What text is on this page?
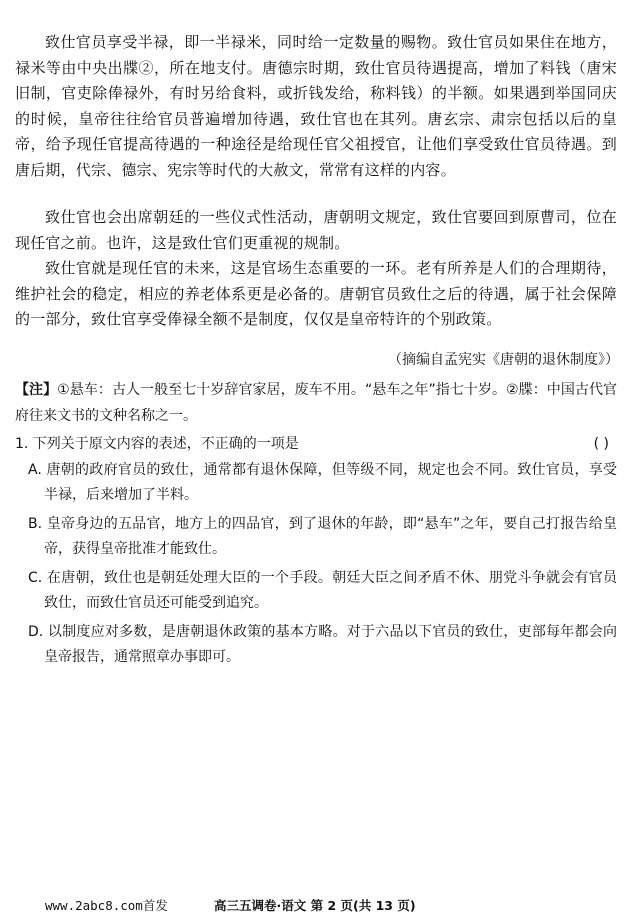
致仕官员享受半禄，即一半禄米，同时给一定数量的赐物。致仕官员如果住在地方，禄米等由中央出牒②，所在地支付。唐德宗时期，致仕官员待遇提高，增加了料钱（唐宋旧制，官吏除俸禄外，有时另给食料，或折钱发给，称料钱）的半额。如果遇到举国同庆的时候，皇帝往往给官员普遍增加待遇，致仕官也在其列。唐玄宗、肃宗包括以后的皇帝，给予现任官提高待遇的一种途径是给现任官父祖授官，让他们享受致仕官员待遇。到唐后期，代宗、德宗、宪宗等时代的大赦文，常常有这样的内容。

致仕官也会出席朝廷的一些仪式性活动，唐朝明文规定，致仕官要回到原曹司，位在现任官之前。也许，这是致仕官们更重视的规制。

致仕官就是现任官的未来，这是官场生态重要的一环。老有所养是人们的合理期待，维护社会的稳定，相应的养老体系更是必备的。唐朝官员致仕之后的待遇，属于社会保障的一部分，致仕官享受俸禄全额不是制度，仅仅是皇帝特许的个别政策。

（摘编自孟宪实《唐朝的退休制度》）

【注】①悬车：古人一般至七十岁辞官家居，废车不用。“悬车之年”指七十岁。②牒：中国古代官府往来文书的文种名称之一。

1. 下列关于原文内容的表述，不正确的一项是	( )

A. 唐朝的政府官员的致仕，通常都有退休保障，但等级不同，规定也会不同。致仕官员，享受半禄，后来增加了半料。

B. 皇帝身边的五品官，地方上的四品官，到了退休的年龄，即“悬车”之年，要自己打报告给皇帝，获得皇帝批准才能致仕。

C. 在唐朝，致仕也是朝廷处理大臣的一个手段。朝廷大臣之间矛盾不休、朋党斗争就会有官员致仕，而致仕官员还可能受到追究。

D. 以制度应对多数，是唐朝退休政策的基本方略。对于六品以下官员的致仕，吏部每年都会向皇帝报告，通常照章办事即可。

www.2abc8.com首发	高三五调卷·语文 第 2 页(共 13 页)
